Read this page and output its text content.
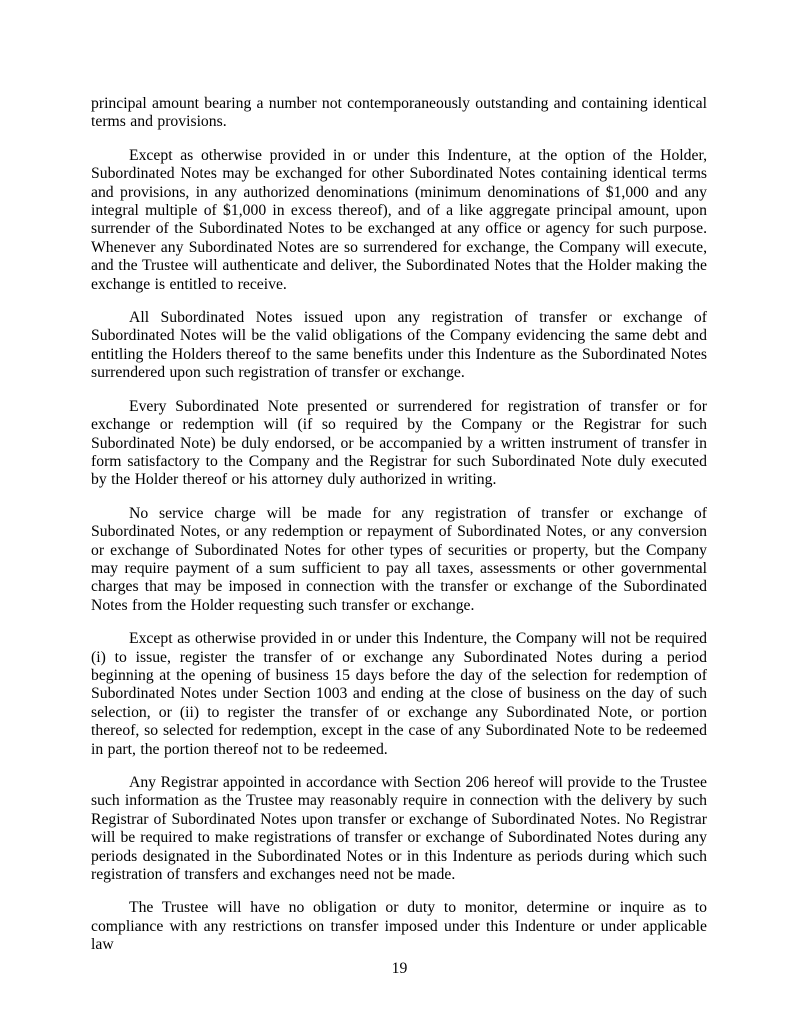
principal amount bearing a number not contemporaneously outstanding and containing identical terms and provisions.

Except as otherwise provided in or under this Indenture, at the option of the Holder, Subordinated Notes may be exchanged for other Subordinated Notes containing identical terms and provisions, in any authorized denominations (minimum denominations of $1,000 and any integral multiple of $1,000 in excess thereof), and of a like aggregate principal amount, upon surrender of the Subordinated Notes to be exchanged at any office or agency for such purpose. Whenever any Subordinated Notes are so surrendered for exchange, the Company will execute, and the Trustee will authenticate and deliver, the Subordinated Notes that the Holder making the exchange is entitled to receive.

All Subordinated Notes issued upon any registration of transfer or exchange of Subordinated Notes will be the valid obligations of the Company evidencing the same debt and entitling the Holders thereof to the same benefits under this Indenture as the Subordinated Notes surrendered upon such registration of transfer or exchange.

Every Subordinated Note presented or surrendered for registration of transfer or for exchange or redemption will (if so required by the Company or the Registrar for such Subordinated Note) be duly endorsed, or be accompanied by a written instrument of transfer in form satisfactory to the Company and the Registrar for such Subordinated Note duly executed by the Holder thereof or his attorney duly authorized in writing.

No service charge will be made for any registration of transfer or exchange of Subordinated Notes, or any redemption or repayment of Subordinated Notes, or any conversion or exchange of Subordinated Notes for other types of securities or property, but the Company may require payment of a sum sufficient to pay all taxes, assessments or other governmental charges that may be imposed in connection with the transfer or exchange of the Subordinated Notes from the Holder requesting such transfer or exchange.

Except as otherwise provided in or under this Indenture, the Company will not be required (i) to issue, register the transfer of or exchange any Subordinated Notes during a period beginning at the opening of business 15 days before the day of the selection for redemption of Subordinated Notes under Section 1003 and ending at the close of business on the day of such selection, or (ii) to register the transfer of or exchange any Subordinated Note, or portion thereof, so selected for redemption, except in the case of any Subordinated Note to be redeemed in part, the portion thereof not to be redeemed.

Any Registrar appointed in accordance with Section 206 hereof will provide to the Trustee such information as the Trustee may reasonably require in connection with the delivery by such Registrar of Subordinated Notes upon transfer or exchange of Subordinated Notes. No Registrar will be required to make registrations of transfer or exchange of Subordinated Notes during any periods designated in the Subordinated Notes or in this Indenture as periods during which such registration of transfers and exchanges need not be made.

The Trustee will have no obligation or duty to monitor, determine or inquire as to compliance with any restrictions on transfer imposed under this Indenture or under applicable law

19
